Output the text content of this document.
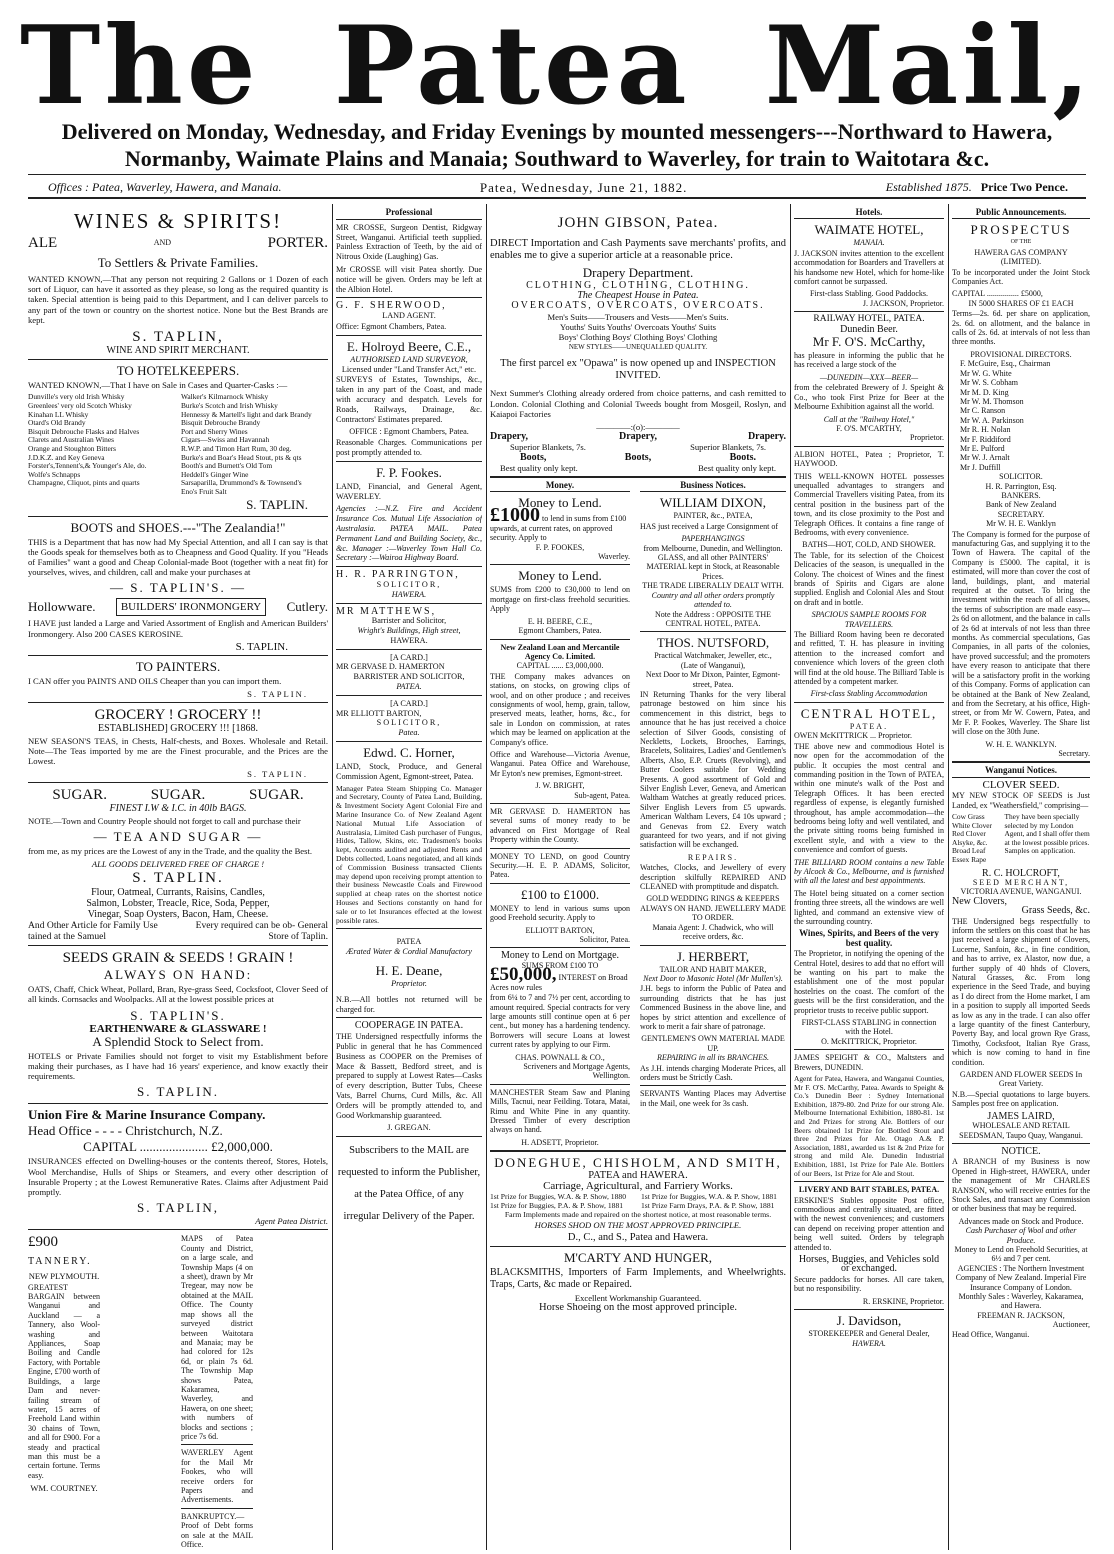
The Patea Mail,
Delivered on Monday, Wednesday, and Friday Evenings by mounted messengers---Northward to Hawera,
Normanby, Waimate Plains and Manaia; Southward to Waverley, for train to Waitotara &c.
Offices : Patea, Waverley, Hawera, and Manaia.	Patea, Wednesday, June 21, 1882.	Established 1875. Price Two Pence.
WINES & SPIRITS!
ALE	AND	PORTER.
To Settlers & Private Families.
WANTED KNOWN,—That any person not requiring 2 Gallons or 1 Dozen of each sort of Liquor, can have it assorted as they please, so long as the required quantity is taken. Special attention is being paid to this Department, and I can deliver parcels to any part of the town or country on the shortest notice. None but the Best Brands are kept.
S. TAPLIN,
WINE AND SPIRIT MERCHANT.
TO HOTELKEEPERS.
WANTED KNOWN,—That I have on Sale in Cases and Quarter-Casks :—
Dunville's very old Irish Whisky
Greenlees' very old Scotch Whisky
Kinahan LL Whisky
Otard's Old Brandy
Bisquit Debrouche Flasks and Halves
Clarets and Australian Wines
Orange and Stoughton Bitters
J.D.K.Z. and Key Geneva
Forster's,Tennent's,& Younger's Ale, do.
Wolfe's Schnapps
Champagne, Cliquot, pints and quarts
Walker's Kilmarnock Whisky
Burke's Scotch and Irish Whisky
Hennessy & Martell's light and dark Brandy
Bisquit Debrouche Brandy
Port and Sherry Wines
Cigars—Swiss and Havannah
R.W.P. and Timon Hart Rum, 30 deg.
Burke's and Boar's Head Stout, pts & qts
Booth's and Burnett's Old Tom
Heddell's Ginger Wine
Sarsaparilla, Drummond's & Townsend's
Eno's Fruit Salt
S. TAPLIN.
BOOTS and SHOES.---"The Zealandia!"
THIS is a Department that has now had My Special Attention, and all I can say is that the Goods speak for themselves both as to Cheapness and Good Quality. If you "Heads of Families" want a good and Cheap Colonial-made Boot (together with a neat fit) for yourselves, wives, and children, call and make your purchases at
— S. TAPLIN'S. —
Hollowware.	BUILDERS' IRONMONGERY	Cutlery.
I HAVE just landed a Large and Varied Assortment of English and American Builders' Ironmongery. Also 200 CASES KEROSINE.
S. TAPLIN.
TO PAINTERS.
I CAN offer you PAINTS AND OILS Cheaper than you can import them.
S. TAPLIN.
GROCERY ! GROCERY !!
ESTABLISHED] GROCERY !!! [1868.
NEW SEASON'S TEAS, in Chests, Half-chests, and Boxes. Wholesale and Retail. Note—The Teas imported by me are the Finest procurable, and the Prices are the Lowest.
S. TAPLIN.
SUGAR. SUGAR. SUGAR.
FINEST I.W & I.C. in 40lb BAGS.
NOTE.—Town and Country People should not forget to call and purchase their
— TEA AND SUGAR —
from me, as my prices are the Lowest of any in the Trade, and the quality the Best.
ALL GOODS DELIVERED FREE OF CHARGE !
S. TAPLIN.
Flour, Oatmeal, Currants, Raisins, Candles, Salmon, Lobster, Treacle, Rice, Soda, Pepper, Vinegar, Soap Oysters, Bacon, Ham, Cheese.
And Other Article for Family Use tained at the Samuel
Every required can be ob- General Store of Taplin.
SEEDS GRAIN & SEEDS ! GRAIN !
ALWAYS ON HAND:
OATS, Chaff, Chick Wheat, Pollard, Bran, Rye-grass Seed, Cocksfoot, Clover Seed of all kinds. Cornsacks and Woolpacks. All at the lowest possible prices at
S. TAPLIN'S.
EARTHENWARE & GLASSWARE !
A Splendid Stock to Select from.
HOTELS or Private Families should not forget to visit my Establishment before making their purchases, as I have had 16 years' experience, and know exactly their requirements.
S. TAPLIN.
Union Fire & Marine Insurance Company.
Head Office - - - - Christchurch, N.Z.
CAPITAL ..................... £2,000,000.
INSURANCES effected on Dwelling-houses or the contents thereof, Stores, Hotels, Wool Merchandise, Hulls of Ships or Steamers, and every other description of Insurable Property ; at the Lowest Remunerative Rates. Claims after Adjustment Paid promptly.
S. TAPLIN,
Agent Patea District.
£900 TANNERY.
NEW PLYMOUTH.
GREATEST BARGAIN between Wanganui and Auckland — a Tannery, also Wool-washing and Appliances, Soap Boiling and Candle Factory, with Portable Engine, £700 worth of Buildings, a large Dam and never-failing stream of water, 15 acres of Freehold Land within 30 chains of Town, and all for £900. For a steady and practical man this must be a certain fortune. Terms easy.
WM. COURTNEY.
MAPS of Patea County and District, on a large scale, and Township Maps (4 on a sheet), drawn by Mr Tregear, may now be obtained at the MAIL Office. The County map shows all the surveyed district between Waitotara and Manaia; may be had colored for 12s 6d, or plain 7s 6d. The Township Map shows Patea, Kakaramea, Waverley, and Hawera, on one sheet; with numbers of blocks and sections ; price 7s 6d.
WAVERLEY Agent for the Mail Mr Fookes, who will receive orders for Papers and Advertisements.
BANKRUPTCY.—Proof of Debt forms on sale at the MAIL Office.
Professional
MR CROSSE, Surgeon Dentist, Ridgway Street, Wanganui. Artificial teeth supplied. Painless Extraction of Teeth, by the aid of Nitrous Oxide (Laughing) Gas.
Mr CROSSE will visit Patea shortly. Due notice will be given. Orders may be left at the Albion Hotel.
G. F. SHERWOOD,
LAND AGENT.
Office: Egmont Chambers, Patea.
E. Holroyd Beere, C.E.,
AUTHORISED LAND SURVEYOR,
Licensed under "Land Transfer Act," etc.
SURVEYS of Estates, Townships, &c., taken in any part of the Coast, and made with accuracy and despatch. Levels for Roads, Railways, Drainage, &c. Contractors' Estimates prepared.
OFFICE : Egmont Chambers, Patea.
Reasonable Charges. Communications per post promptly attended to.
F. P. Fookes.
LAND, Financial, and General Agent, WAVERLEY.
Agencies :—N.Z. Fire and Accident Insurance Cos. Mutual Life Association of Australasia. PATEA MAIL. Patea Permanent Land and Building Society, &c., &c. Manager :—Waverley Town Hall Co. Secretary :—Wairoa Highway Board.
H. R. PARRINGTON,
SOLICITOR,
HAWERA.
MR MATTHEWS,
Barrister and Solicitor,
Wright's Buildings, High street,
HAWERA.
[A CARD.]
MR GERVASE D. HAMERTON
BARRISTER AND SOLICITOR,
PATEA.
[A CARD.]
MR ELLIOTT BARTON,
SOLICITOR,
Patea.
Edwd. C. Horner,
LAND, Stock, Produce, and General Commission Agent, Egmont-street, Patea.
Manager Patea Steam Shipping Co. Manager and Secretary, County of Patea Land, Building, & Investment Society Agent Colonial Fire and Marine Insurance Co. of New Zealand Agent National Mutual Life Association of Australasia, Limited Cash purchaser of Fungus, Hides, Tallow, Skins, etc. Tradesmen's books kept, Accounts audited and adjusted Rents and Debts collected, Loans negotiated, and all kinds of Commission Business transacted Clients may depend upon receiving prompt attention to their business Newcastle Coals and Firewood supplied at cheap rates on the shortest notice Houses and Sections constantly on hand for sale or to let Insurances effected at the lowest possible rates.
PATEA
Ærated Water & Cordial Manufactory
H. E. Deane,
Proprietor.
N.B.—All bottles not returned will be charged for.
COOPERAGE IN PATEA.
THE Undersigned respectfully informs the Public in general that he has Commenced Business as COOPER on the Premises of Mace & Bassett, Bedford street, and is prepared to supply at Lowest Rates—Casks of every description, Butter Tubs, Cheese Vats, Barrel Churns, Curd Mills, &c. All Orders will be promptly attended to, and Good Workmanship guaranteed.
J. GREGAN.
Subscribers to the MAIL are requested to inform the Publisher, at the Patea Office, of any irregular Delivery of the Paper.
JOHN GIBSON, Patea.
DIRECT Importation and Cash Payments save merchants' profits, and enables me to give a superior article at a reasonable price.
Drapery Department.
CLOTHING, CLOTHING, CLOTHING.
The Cheapest House in Patea.
OVERCOATS, OVERCOATS, OVERCOATS.
Men's Suits——Trousers and Vests——Men's Suits.
Youths' Suits Youths' Overcoats Youths' Suits
Boys' Clothing Boys' Clothing Boys' Clothing
NEW STYLES——UNEQUALLED QUALITY.
The first parcel ex "Opawa" is now opened up and INSPECTION INVITED.
Next Summer's Clothing already ordered from choice patterns, and cash remitted to London. Colonial Clothing and Colonial Tweeds bought from Mosgeil, Roslyn, and Kaiapoi Factories
————:(o):————
Drapery,	Drapery,	Drapery.
Superior Blankets, 7s.	Superior Blankets, 7s.
Boots,	Boots,	Boots.
Best quality only kept.	Best quality only kept.
Money.
Money to Lend.
£1000 to lend in sums from £100 upwards, at current rates, on approved security. Apply to
F. P. FOOKES,
Waverley.
Money to Lend.
SUMS from £200 to £30,000 to lend on mortgage on first-class freehold securities. Apply
E. H. BEERE, C.E.,
Egmont Chambers, Patea.
New Zealand Loan and Mercantile Agency Co. Limited.
CAPITAL ...... £3,000,000.
THE Company makes advances on stations, on stocks, on growing clips of wool, and on other produce ; and receives consignments of wool, hemp, grain, tallow, preserved meats, leather, horns, &c., for sale in London on commission, at rates which may be learned on application at the Company's office.
Office and Warehouse—Victoria Avenue, Wanganui. Patea Office and Warehouse, Mr Eyton's new premises, Egmont-street.
J. W. BRIGHT,
Sub-agent, Patea.
MR GERVASE D. HAMERTON has several sums of money ready to be advanced on First Mortgage of Real Property within the County.
MONEY TO LEND, on good Country Security.—H. E. P. ADAMS, Solicitor, Patea.
£100 to £1000.
MONEY to lend in various sums upon good Freehold security. Apply to
ELLIOTT BARTON,
Solicitor, Patea.
Money to Lend on Mortgage.
SUMS FROM £100 TO
£50,000, INTEREST on Broad Acres now rules
from 6¼ to 7 and 7½ per cent, according to amount required. Special contracts for very large amounts still continue open at 6 per cent., but money has a hardening tendency. Borrowers will secure Loans at lowest current rates by applying to our Firm.
CHAS. POWNALL & CO.,
Scriveners and Mortgage Agents, Wellington.
MANCHESTER Steam Saw and Planing Mills, Tacnui, near Feilding. Totara, Matai, Rimu and White Pine in any quantity. Dressed Timber of every description always on hand.
H. ADSETT, Proprietor.
Business Notices.
WILLIAM DIXON,
PAINTER, &c., PATEA,
HAS just received a Large Consignment of
PAPERHANGINGS
from Melbourne, Dunedin, and Wellington.
GLASS, and all other PAINTERS' MATERIAL kept in Stock, at Reasonable Prices.
THE TRADE LIBERALLY DEALT WITH.
Country and all other orders promptly attended to.
Note the Address : OPPOSITE THE CENTRAL HOTEL, PATEA.
THOS. NUTSFORD,
Practical Watchmaker, Jeweller, etc.,
(Late of Wanganui),
Next Door to Mr Dixon, Painter, Egmont-street, Patea.
IN Returning Thanks for the very liberal patronage bestowed on him since his commencement in this district, begs to announce that he has just received a choice selection of Silver Goods, consisting of Neckletts, Lockets, Brooches, Earrings, Bracelets, Solitaires, Ladies' and Gentlemen's Alberts, Also, E.P. Cruets (Revolving), and Butter Coolers suitable for Wedding Presents. A good assortment of Gold and Silver English Lever, Geneva, and American Waltham Watches at greatly reduced prices. Silver English Levers from £5 upwards. American Waltham Levers, £4 10s upward ; and Genevas from £2. Every watch guaranteed for two years, and if not giving satisfaction will be exchanged.
REPAIRS.
Watches, Clocks, and Jewellery of every description skilfully REPAIRED AND CLEANED with promptitude and dispatch.
GOLD WEDDING RINGS & KEEPERS ALWAYS ON HAND. JEWELLERY MADE TO ORDER.
Manaia Agent: J. Chadwick, who will receive orders, &c.
J. HERBERT,
TAILOR AND HABIT MAKER,
Next Door to Masonic Hotel (Mr Mullen's).
J.H. begs to inform the Public of Patea and surrounding districts that he has just Commenced Business in the above line, and hopes by strict attention and excellence of work to merit a fair share of patronage.
GENTLEMEN'S OWN MATERIAL MADE UP.
REPAIRING in all its BRANCHES.
As J.H. intends charging Moderate Prices, all orders must be Strictly Cash.
SERVANTS Wanting Places may Advertise in the Mail, one week for 3s cash.
DONEGHUE, CHISHOLM, AND SMITH,
PATEA and HAWERA.
Carriage, Agricultural, and Farriery Works.
1st Prize for Buggies, W.A. & P. Show, 1880
1st Prize for Buggies, P.A. & P. Show, 1881
1st Prize for Buggies, W.A. & P. Show, 1881
1st Prize Farm Drays, P.A. & P. Show, 1881
Farm Implements made and repaired on the shortest notice, at most reasonable terms.
HORSES SHOD ON THE MOST APPROVED PRINCIPLE.
D., C., and S., Patea and Hawera.
M'CARTY AND HUNGER,
BLACKSMITHS, Importers of Farm Implements, and Wheelwrights. Traps, Carts, &c made or Repaired.
Excellent Workmanship Guaranteed.
Horse Shoeing on the most approved principle.
Hotels.
WAIMATE HOTEL,
MANAIA.
J. JACKSON invites attention to the excellent accommodation for Boarders and Travellers at his handsome new Hotel, which for home-like comfort cannot be surpassed.
First-class Stabling. Good Paddocks.
J. JACKSON, Proprietor.
RAILWAY HOTEL, PATEA.
Dunedin Beer.
Mr F. O'S. McCarthy,
has pleasure in informing the public that he has received a large stock of the
—DUNEDIN—XXX—BEER—
from the celebrated Brewery of J. Speight & Co., who took First Prize for Beer at the Melbourne Exhibition against all the world.
Call at the "Railway Hotel,"
F. O'S. M'CARTHY,
Proprietor.
ALBION HOTEL, Patea ; Proprietor, T. HAYWOOD.
THIS WELL-KNOWN HOTEL possesses unequalled advantages to strangers and Commercial Travellers visiting Patea, from its central position in the business part of the town, and its close proximity to the Post and Telegraph Offices. It contains a fine range of Bedrooms, with every convenience.
BATHS—HOT, COLD, AND SHOWER.
The Table, for its selection of the Choicest Delicacies of the season, is unequalled in the Colony. The choicest of Wines and the finest brands of Spirits and Cigars are alone supplied. English and Colonial Ales and Stout on draft and in bottle.
SPACIOUS SAMPLE ROOMS FOR TRAVELLERS.
The Billiard Room having been re decorated and refitted, T. H. has pleasure in inviting attention to the increased comfort and convenience which lovers of the green cloth will find at the old house. The Billiard Table is attended by a competent marker.
First-class Stabling Accommodation
CENTRAL HOTEL,
PATEA.
OWEN McKITTRICK ... Proprietor.
THE above new and commodious Hotel is now open for the accommodation of the public. It occupies the most central and commanding position in the Town of PATEA, within one minute's walk of the Post and Telegraph Offices. It has been erected regardless of expense, is elegantly furnished throughout, has ample accommodation—the bedrooms being lofty and well ventilated, and the private sitting rooms being furnished in excellent style, and with a view to the convenience and comfort of guests.
THE BILLIARD ROOM contains a new Table by Alcock & Co., Melbourne, and is furnished with all the latest and best appointments.
The Hotel being situated on a corner section fronting three streets, all the windows are well lighted, and command an extensive view of the surrounding country.
Wines, Spirits, and Beers of the very best quality.
The Proprietor, in notifying the opening of the Central Hotel, desires to add that no effort will be wanting on his part to make the establishment one of the most popular hostelries on the coast. The comfort of the guests will be the first consideration, and the proprietor trusts to receive public support.
FIRST-CLASS STABLING in connection with the Hotel.
O. McKITTRICK, Proprietor.
JAMES SPEIGHT & CO., Maltsters and Brewers, DUNEDIN.
Agent for Patea, Hawera, and Wanganui Counties, Mr F. O'S. McCarthy, Patea. Awards to Speight & Co.'s Dunedin Beer : Sydney International Exhibition, 1879-80. 2nd Prize for our strong Ale. Melbourne International Exhibition, 1880-81. 1st and 2nd Prizes for strong Ale. Bottlers of our Beers obtained 1st Prize for Bottled Stout and three 2nd Prizes for Ale. Otago A.& P. Association, 1881, awarded us 1st & 2nd Prize for strong and mild Ale. Dunedin Industrial Exhibition, 1881, 1st Prize for Pale Ale. Bottlers of our Beers, 1st Prize for Ale and Stout.
LIVERY AND BAIT STABLES, PATEA.
ERSKINE'S Stables opposite Post office, commodious and centrally situated, are fitted with the newest conveniences; and customers can depend on receiving proper attention and being well suited. Orders by telegraph attended to.
Horses, Buggies, and Vehicles sold or exchanged.
Secure paddocks for horses. All care taken, but no responsibility.
R. ERSKINE, Proprietor.
J. Davidson,
STOREKEEPER and General Dealer,
HAWERA.
Public Announcements.
PROSPECTUS
OF THE
HAWERA GAS COMPANY
(LIMITED).
To be incorporated under the Joint Stock Companies Act.
CAPITAL ................ £5000,
IN 5000 SHARES OF £1 EACH
Terms—2s. 6d. per share on application, 2s. 6d. on allotment, and the balance in calls of 2s. 6d. at intervals of not less than three months.
PROVISIONAL DIRECTORS.
F. McGuire, Esq., Chairman
Mr W. G. White
Mr W. S. Cobham
Mr M. D. King
Mr W. M. Thomson
Mr C. Ranson
Mr W. A. Parkinson
Mr R. H. Nolan
Mr F. Riddiford
Mr E. Pulford
Mr W. J. Arnalt
Mr J. Duffill
SOLICITOR.
H. R. Parrington, Esq.
BANKERS.
Bank of New Zealand
SECRETARY.
Mr W. H. E. Wanklyn
The Company is formed for the purpose of manufacturing Gas, and supplying it to the Town of Hawera. The capital of the Company is £5000. The capital, it is estimated, will more than cover the cost of land, buildings, plant, and material required at the outset. To bring the investment within the reach of all classes, the terms of subscription are made easy—2s 6d on allotment, and the balance in calls of 2s 6d at intervals of not less than three months. As commercial speculations, Gas Companies, in all parts of the colonies, have proved successful; and the promoters have every reason to anticipate that there will be a satisfactory profit in the working of this Company. Forms of application can be obtained at the Bank of New Zealand, and from the Secretary, at his office, High-street, or from Mr W. Cowern, Patea, and Mr F. P. Fookes, Waverley. The Share list will close on the 30th June.
W. H. E. WANKLYN.
Secretary.
Wanganui Notices.
CLOVER SEED.
MY NEW STOCK OF SEEDS is Just Landed, ex "Weathersfield," comprising—
Cow Grass
White Clover
Red Clover
Alsyke, &c.
Broad Leaf
Essex Rape
They have been specially selected by my London Agent, and I shall offer them at the lowest possible prices. Samples on application.
R. C. HOLCROFT,
SEED MERCHANT,
VICTORIA AVENUE, WANGANUI.
New Clovers,
Grass Seeds, &c.
THE Undersigned begs respectfully to inform the settlers on this coast that he has just received a large shipment of Clovers, Lucerne, Sanfoin, &c., in fine condition, and has to arrive, ex Alastor, now due, a further supply of 40 hhds of Clovers, Natural Grasses, &c. From long experience in the Seed Trade, and buying as I do direct from the Home market, I am in a position to supply all imported Seeds as low as any in the trade. I can also offer a large quantity of the finest Canterbury, Poverty Bay, and local grown Rye Grass, Timothy, Cocksfoot, Italian Rye Grass, which is now coming to hand in fine condition.
GARDEN AND FLOWER SEEDS In Great Variety.
N.B.—Special quotations to large buyers. Samples post free on application.
JAMES LAIRD,
WHOLESALE AND RETAIL SEEDSMAN, Taupo Quay, Wanganui.
NOTICE.
A BRANCH of my Business is now Opened in High-street, HAWERA, under the management of Mr CHARLES RANSON, who will receive entries for the Stock Sales, and transact any Commission or other business that may be required.
Advances made on Stock and Produce.
Cash Purchaser of Wool and other Produce.
Money to Lend on Freehold Securities, at 6½ and 7 per cent.
AGENCIES : The Northern Investment Company of New Zealand. Imperial Fire Insurance Company of London.
Monthly Sales : Waverley, Kakaramea, and Hawera.
FREEMAN R. JACKSON,
Auctioneer,
Head Office, Wanganui.
